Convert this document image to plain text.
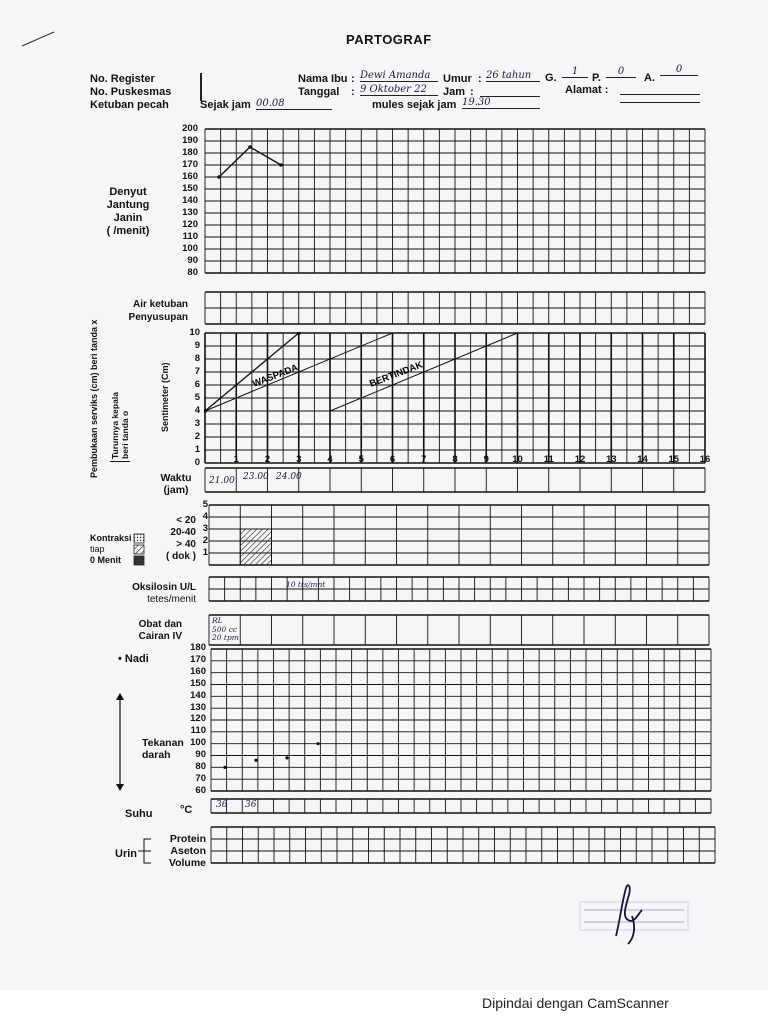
PARTOGRAF
No. Register
No. Puskesmas
Ketuban pecah	Sejak jam 00.08
Nama Ibu : Dewi Amanda
Tanggal : 9 Oktober 22
mules sejak jam 19.30
Umur : 26 tahun
Jam :
G.
1
P.
0
A.
0
Alamat :
Denyut
Jantung
Janin
( /menit)
200
190
180
170
160
150
140
130
120
110
100
90
80
Air ketuban
Penyusupan
Pembukaan serviks (cm) beri tanda x Turunnya kepala beri tanda o
Sentimeter (Cm)
10
9
8
7
6
5
4
3
2
1
0
WASPADA	BERTINDAK
1	2	3	4	5	6	7	8	9	10	11	12	13	14	15	16
Waktu
(jam)
21.00 23.00 24.00
Kontraksi
tiap
0 Menit
5
4
3
2
1
< 20
20-40
> 40
( dok )
Oksilosin U/L
tetes/menit
10 tts/mnt
Obat dan
Cairan IV
RL
500 cc
20 tpm
• Nadi
Tekanan
darah
180
170
160
150
140
130
120
110
100
90
80
70
60
Suhu	°C	36 36
Urin
Protein
Aseton
Volume
Dipindai dengan CamScanner
